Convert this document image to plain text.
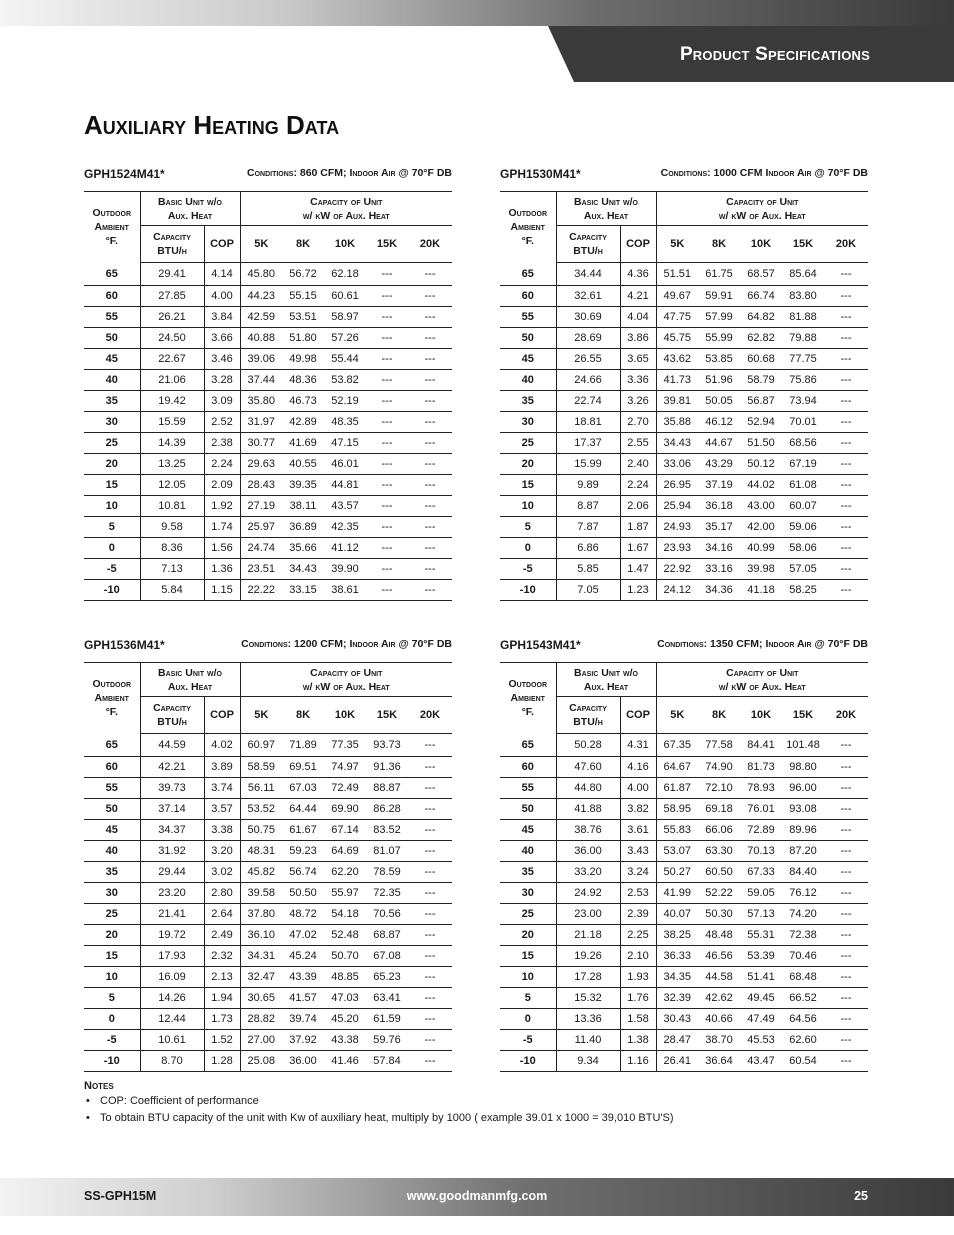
Product Specifications
Auxiliary Heating Data
GPH1524M41*	Conditions: 860 CFM; Indoor Air @ 70°F DB
Outdoor
Ambient
°F.	Basic Unit w/o
Aux. Heat		Capacity of Unit
w/ kW of Aux. Heat				
	Capacity
BTU/h	COP	5K	8K	10K	15K	20K
65	29.41	4.14	45.80	56.72	62.18	---	---
60	27.85	4.00	44.23	55.15	60.61	---	---
55	26.21	3.84	42.59	53.51	58.97	---	---
50	24.50	3.66	40.88	51.80	57.26	---	---
45	22.67	3.46	39.06	49.98	55.44	---	---
40	21.06	3.28	37.44	48.36	53.82	---	---
35	19.42	3.09	35.80	46.73	52.19	---	---
30	15.59	2.52	31.97	42.89	48.35	---	---
25	14.39	2.38	30.77	41.69	47.15	---	---
20	13.25	2.24	29.63	40.55	46.01	---	---
15	12.05	2.09	28.43	39.35	44.81	---	---
10	10.81	1.92	27.19	38.11	43.57	---	---
5	9.58	1.74	25.97	36.89	42.35	---	---
0	8.36	1.56	24.74	35.66	41.12	---	---
-5	7.13	1.36	23.51	34.43	39.90	---	---
-10	5.84	1.15	22.22	33.15	38.61	---	---
GPH1530M41*	Conditions: 1000 CFM Indoor Air @ 70°F DB
Outdoor
Ambient
°F.	Basic Unit w/o
Aux. Heat		Capacity of Unit
w/ kW of Aux. Heat				
	Capacity
BTU/h	COP	5K	8K	10K	15K	20K
65	34.44	4.36	51.51	61.75	68.57	85.64	---
60	32.61	4.21	49.67	59.91	66.74	83.80	---
55	30.69	4.04	47.75	57.99	64.82	81.88	---
50	28.69	3.86	45.75	55.99	62.82	79.88	---
45	26.55	3.65	43.62	53.85	60.68	77.75	---
40	24.66	3.36	41.73	51.96	58.79	75.86	---
35	22.74	3.26	39.81	50.05	56.87	73.94	---
30	18.81	2.70	35.88	46.12	52.94	70.01	---
25	17.37	2.55	34.43	44.67	51.50	68.56	---
20	15.99	2.40	33.06	43.29	50.12	67.19	---
15	9.89	2.24	26.95	37.19	44.02	61.08	---
10	8.87	2.06	25.94	36.18	43.00	60.07	---
5	7.87	1.87	24.93	35.17	42.00	59.06	---
0	6.86	1.67	23.93	34.16	40.99	58.06	---
-5	5.85	1.47	22.92	33.16	39.98	57.05	---
-10	7.05	1.23	24.12	34.36	41.18	58.25	---
GPH1536M41*	Conditions: 1200 CFM; Indoor Air @ 70°F DB
Outdoor
Ambient
°F.	Basic Unit w/o
Aux. Heat		Capacity of Unit
w/ kW of Aux. Heat				
	Capacity
BTU/h	COP	5K	8K	10K	15K	20K
65	44.59	4.02	60.97	71.89	77.35	93.73	---
60	42.21	3.89	58.59	69.51	74.97	91.36	---
55	39.73	3.74	56.11	67.03	72.49	88.87	---
50	37.14	3.57	53.52	64.44	69.90	86.28	---
45	34.37	3.38	50.75	61.67	67.14	83.52	---
40	31.92	3.20	48.31	59.23	64.69	81.07	---
35	29.44	3.02	45.82	56.74	62.20	78.59	---
30	23.20	2.80	39.58	50.50	55.97	72.35	---
25	21.41	2.64	37.80	48.72	54.18	70.56	---
20	19.72	2.49	36.10	47.02	52.48	68.87	---
15	17.93	2.32	34.31	45.24	50.70	67.08	---
10	16.09	2.13	32.47	43.39	48.85	65.23	---
5	14.26	1.94	30.65	41.57	47.03	63.41	---
0	12.44	1.73	28.82	39.74	45.20	61.59	---
-5	10.61	1.52	27.00	37.92	43.38	59.76	---
-10	8.70	1.28	25.08	36.00	41.46	57.84	---
GPH1543M41*	Conditions: 1350 CFM; Indoor Air @ 70°F DB
Outdoor
Ambient
°F.	Basic Unit w/o
Aux. Heat		Capacity of Unit
w/ kW of Aux. Heat				
	Capacity
BTU/h	COP	5K	8K	10K	15K	20K
65	50.28	4.31	67.35	77.58	84.41	101.48	---
60	47.60	4.16	64.67	74.90	81.73	98.80	---
55	44.80	4.00	61.87	72.10	78.93	96.00	---
50	41.88	3.82	58.95	69.18	76.01	93.08	---
45	38.76	3.61	55.83	66.06	72.89	89.96	---
40	36.00	3.43	53.07	63.30	70.13	87.20	---
35	33.20	3.24	50.27	60.50	67.33	84.40	---
30	24.92	2.53	41.99	52.22	59.05	76.12	---
25	23.00	2.39	40.07	50.30	57.13	74.20	---
20	21.18	2.25	38.25	48.48	55.31	72.38	---
15	19.26	2.10	36.33	46.56	53.39	70.46	---
10	17.28	1.93	34.35	44.58	51.41	68.48	---
5	15.32	1.76	32.39	42.62	49.45	66.52	---
0	13.36	1.58	30.43	40.66	47.49	64.56	---
-5	11.40	1.38	28.47	38.70	45.53	62.60	---
-10	9.34	1.16	26.41	36.64	43.47	60.54	---
Notes
• COP: Coefficient of performance
• To obtain BTU capacity of the unit with Kw of auxiliary heat, multiply by 1000 ( example 39.01 x 1000 = 39,010 BTU'S)
SS-GPH15M	www.goodmanmfg.com	25
